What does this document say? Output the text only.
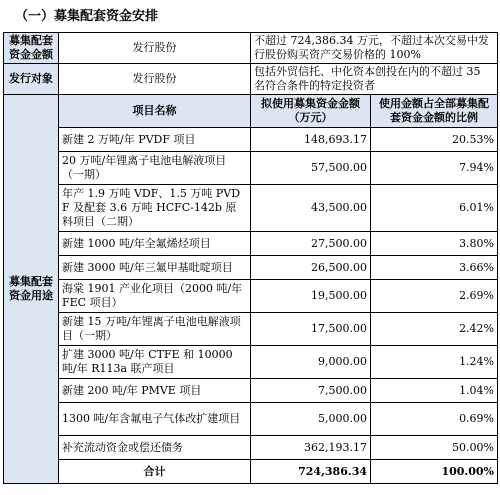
（一）募集配套资金安排
募集配套资金金额	发行股份	不超过 724,386.34 万元，不超过本次交易中发行股份购买资产交易价格的 100%	
发行对象	发行股份	包括外贸信托、中化资本创投在内的不超过 35 名符合条件的特定投资者	
募集配套资金用途	项目名称	拟使用募集资金金额（万元）	使用金额占全部募集配套资金金额的比例
	新建 2 万吨/年 PVDF 项目	148,693.17	20.53%
	20 万吨/年锂离子电池电解液项目（一期）	57,500.00	7.94%
	年产 1.9 万吨 VDF、1.5 万吨 PVDF 及配套 3.6 万吨 HCFC-142b 原料项目（二期）	43,500.00	6.01%
	新建 1000 吨/年全氟烯烃项目	27,500.00	3.80%
	新建 3000 吨/年三氟甲基吡啶项目	26,500.00	3.66%
	海棠 1901 产业化项目（2000 吨/年 FEC 项目）	19,500.00	2.69%
	新建 15 万吨/年锂离子电池电解液项目（一期）	17,500.00	2.42%
	扩建 3000 吨/年 CTFE 和 10000 吨/年 R113a 联产项目	9,000.00	1.24%
	新建 200 吨/年 PMVE 项目	7,500.00	1.04%
	1300 吨/年含氟电子气体改扩建项目	5,000.00	0.69%
	补充流动资金或偿还债务	362,193.17	50.00%
	合计	724,386.34	100.00%
